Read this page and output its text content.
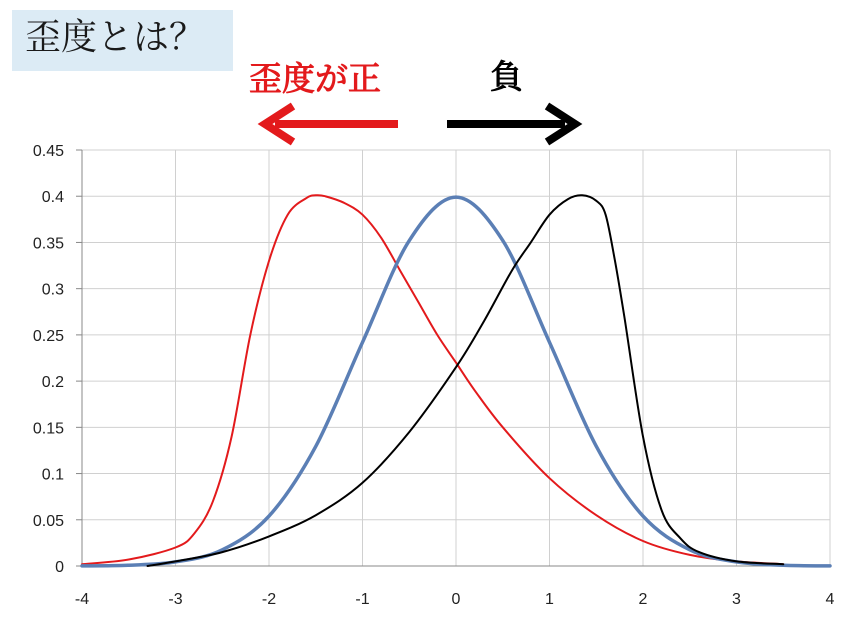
歪度とは？
歪度が正	負
0
0.05
0.1
0.15
0.2
0.25
0.3
0.35
0.4
0.45
-4	-3	-2	-1	0	1	2	3	4
